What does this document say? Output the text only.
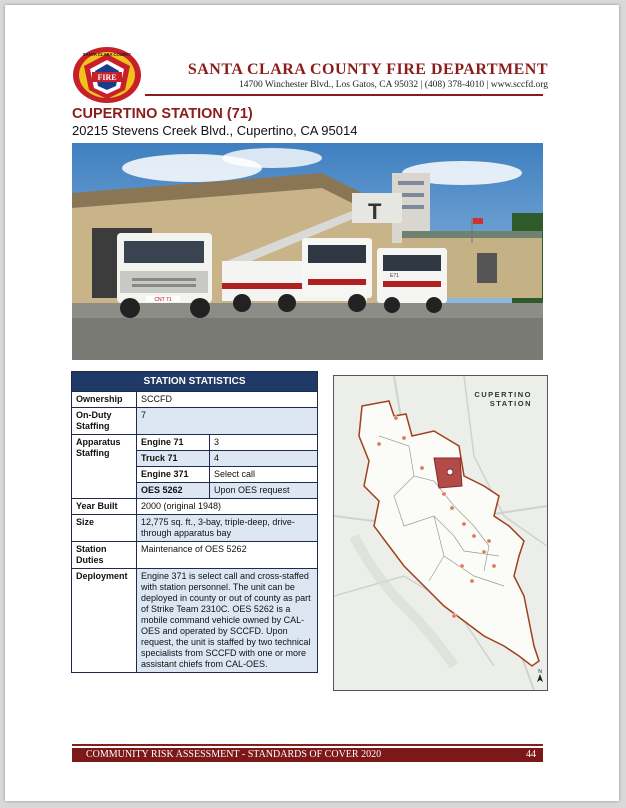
FIRE
SANTA CLARA COUNTY
SANTA CLARA COUNTY FIRE DEPARTMENT
14700 Winchester Blvd., Los Gatos, CA 95032 | (408) 378-4010 | www.sccfd.org
CUPERTINO STATION (71)
20215 Stevens Creek Blvd., Cupertino, CA 95014
CNT 71
T
E71
STATION STATISTICS		
Ownership	SCCFD	
On-Duty Staffing	7	
Apparatus Staffing	Engine 71	3
	Truck 71	4
	Engine 371	Select call
	OES 5262	Upon OES request
Year Built	2000 (original 1948)	
Size	12,775 sq. ft., 3-bay, triple-deep, drive-through apparatus bay	
Station Duties	Maintenance of OES 5262	
Deployment	Engine 371 is select call and cross-staffed with station personnel. The unit can be deployed in county or out of county as part of Strike Team 2310C. OES 5262 is a mobile command vehicle owned by CAL-OES and operated by SCCFD. Upon request, the unit is staffed by two technical specialists from SCCFD with one or more assistant chiefs from CAL-OES.	
N
CUPERTINO
STATION
COMMUNITY RISK ASSESSMENT - STANDARDS OF COVER 2020	44
